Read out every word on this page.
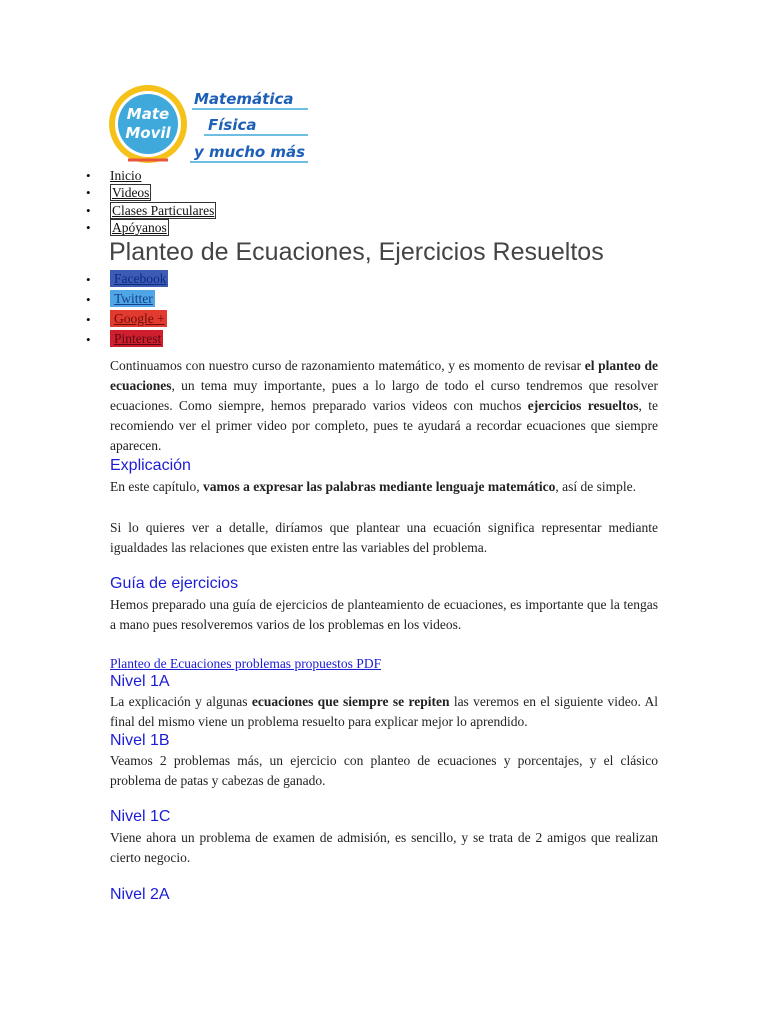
Mate
Movil
Matemática
Física
y mucho más
• Inicio
• Videos
• Clases Particulares
• Apóyanos
Planteo de Ecuaciones, Ejercicios Resueltos
• Facebook
• Twitter
• Google +
• Pinterest

Continuamos con nuestro curso de razonamiento matemático, y es momento de revisar el planteo de ecuaciones, un tema muy importante, pues a lo largo de todo el curso tendremos que resolver ecuaciones. Como siempre, hemos preparado varios videos con muchos ejercicios resueltos, te recomiendo ver el primer video por completo, pues te ayudará a recordar ecuaciones que siempre aparecen.

Explicación

En este capítulo, vamos a expresar las palabras mediante lenguaje matemático, así de simple.

Si lo quieres ver a detalle, diríamos que plantear una ecuación significa representar mediante igualdades las relaciones que existen entre las variables del problema.

Guía de ejercicios

Hemos preparado una guía de ejercicios de planteamiento de ecuaciones, es importante que la tengas a mano pues resolveremos varios de los problemas en los videos.

Planteo de Ecuaciones problemas propuestos PDF
Nivel 1A

La explicación y algunas ecuaciones que siempre se repiten las veremos en el siguiente video. Al final del mismo viene un problema resuelto para explicar mejor lo aprendido.

Nivel 1B

Veamos 2 problemas más, un ejercicio con planteo de ecuaciones y porcentajes, y el clásico problema de patas y cabezas de ganado.

Nivel 1C

Viene ahora un problema de examen de admisión, es sencillo, y se trata de 2 amigos que realizan cierto negocio.

Nivel 2A
